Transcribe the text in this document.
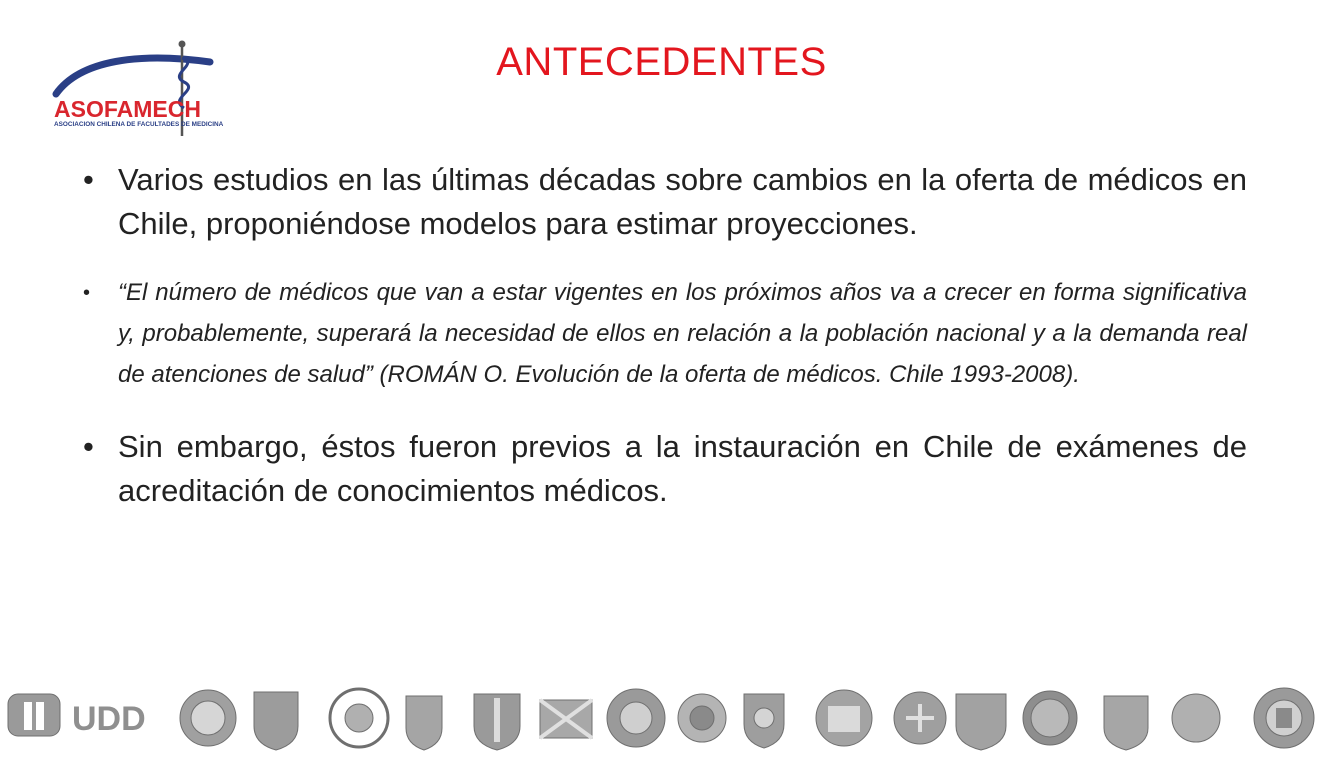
ASOFAMECH
ASOCIACION CHILENA DE FACULTADES DE MEDICINA
ANTECEDENTES
• Varios estudios en las últimas décadas sobre cambios en la oferta de médicos en Chile, proponiéndose modelos para estimar proyecciones.
• “El número de médicos que van a estar vigentes en los próximos años va a crecer en forma significativa y, probablemente, superará la necesidad de ellos en relación a la población nacional y a la demanda real de atenciones de salud” (ROMÁN O. Evolución de la oferta de médicos. Chile 1993-2008).
• Sin embargo, éstos fueron previos a la instauración en Chile de exámenes de acreditación de conocimientos médicos.
UDD
